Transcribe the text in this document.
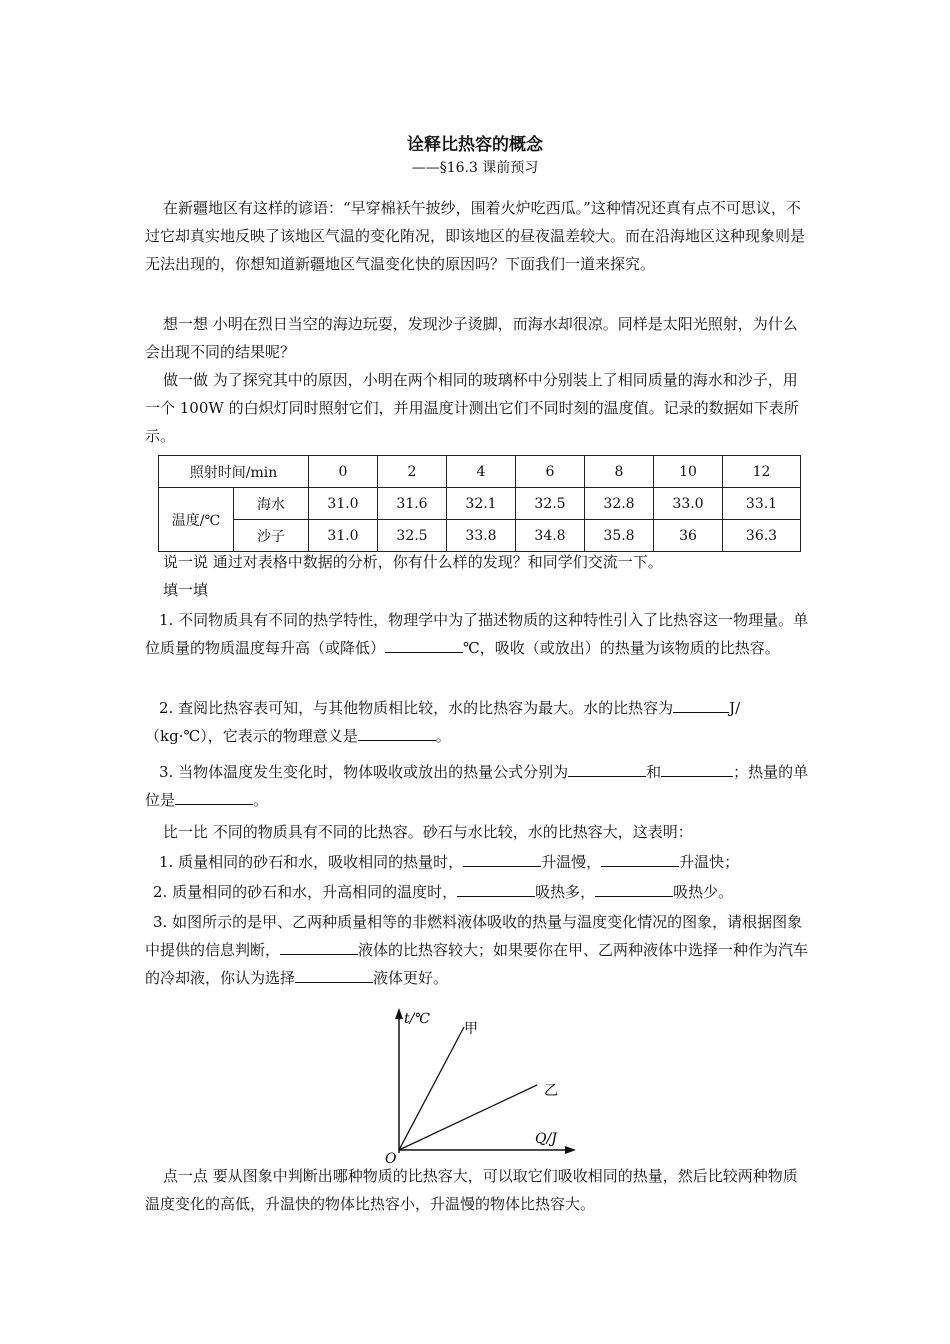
诠释比热容的概念
——§16.3 课前预习

在新疆地区有这样的谚语：“早穿棉袄午披纱，围着火炉吃西瓜。”这种情况还真有点不可思议，不过它却真实地反映了该地区气温的变化陏况，即该地区的昼夜温差较大。而在沿海地区这种现象则是无法出现的，你想知道新疆地区气温变化快的原因吗？下面我们一道来探究。

想一想 小明在烈日当空的海边玩耍，发现沙子烫脚，而海水却很凉。同样是太阳光照射，为什么会出现不同的结果呢？

做一做 为了探究其中的原因，小明在两个相同的玻璃杯中分别装上了相同质量的海水和沙子，用一个 100W 的白炽灯同时照射它们，并用温度计测出它们不同时刻的温度值。记录的数据如下表所示。

照射时间/min		0	2	4	6	8	10	12
温度/℃	海水	31.0	31.6	32.1	32.5	32.8	33.0	33.1
	沙子	31.0	32.5	33.8	34.8	35.8	36	36.3

说一说 通过对表格中数据的分析，你有什么样的发现？和同学们交流一下。

填一填

1. 不同物质具有不同的热学特性，物理学中为了描述物质的这种特性引入了比热容这一物理量。单位质量的物质温度每升高（或降低）	℃，吸收（或放出）的热量为该物质的比热容。

2. 查阅比热容表可知，与其他物质相比较，水的比热容为最大。水的比热容为	J/（kg·℃），它表示的物理意义是	。

3. 当物体温度发生变化时，物体吸收或放出的热量公式分别为	和	；热量的单位是	。

比一比 不同的物质具有不同的比热容。砂石与水比较，水的比热容大，这表明：

1. 质量相同的砂石和水，吸收相同的热量时，	升温慢，	升温快；

2. 质量相同的砂石和水，升高相同的温度时，	吸热多，	吸热少。

3. 如图所示的是甲、乙两种质量相等的非燃料液体吸收的热量与温度变化情况的图象，请根据图象中提供的信息判断，	液体的比热容较大；如果要你在甲、乙两种液体中选择一种作为汽车的冷却液，你认为选择	液体更好。

t/℃
Q/J
O
甲
乙

点一点 要从图象中判断出哪种物质的比热容大，可以取它们吸收相同的热量，然后比较两种物质温度变化的高低，升温快的物体比热容小，升温慢的物体比热容大。
